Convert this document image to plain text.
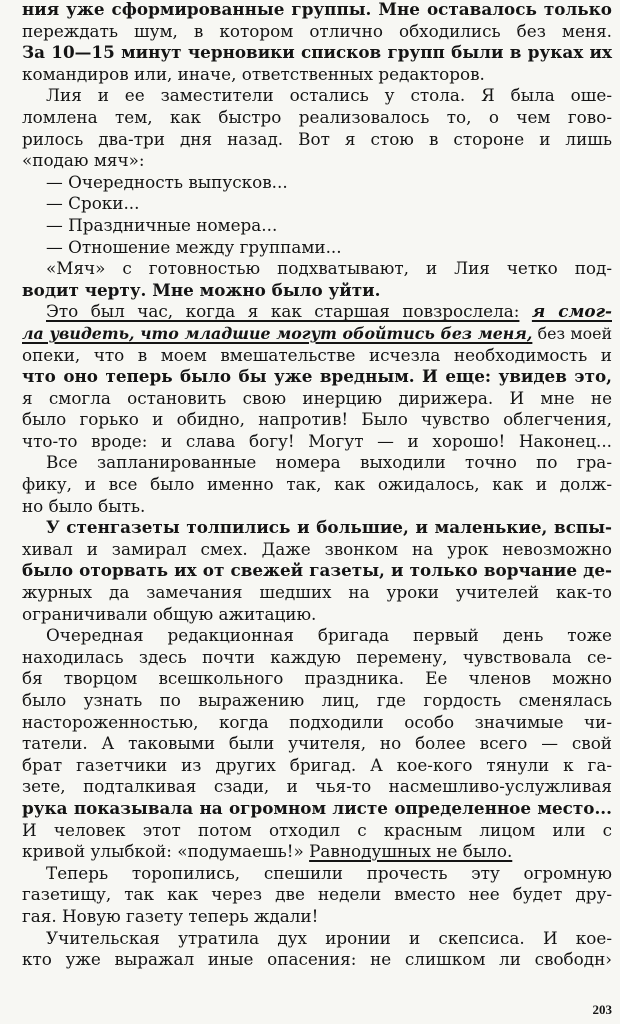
ния уже сформированные группы. Мне оставалось только
переждать шум, в котором отлично обходились без меня.
За 10—15 минут черновики списков групп были в руках их
командиров или, иначе, ответственных редакторов.
Лия и ее заместители остались у стола. Я была ошe-
ломлена тем, как быстро реализовалось то, о чем гово-
рилось два-три дня назад. Вот я стою в стороне и лишь
«подаю мяч»:
— Очередность выпусков...
— Сроки...
— Праздничные номера...
— Отношение между группами...
«Мяч» с готовностью подхватывают, и Лия четко под-
водит черту. Мне можно было уйти.
Это был час, когда я как старшая повзрослела: я смог-
ла увидеть, что младшие могут обойтись без меня, без моей
опеки, что в моем вмешательстве исчезла необходимость и
что оно теперь было бы уже вредным. И еще: увидев это,
я смогла остановить свою инерцию дирижера. И мне не
было горько и обидно, напротив! Было чувство облегчения,
что-то вроде: и слава богу! Могут — и хорошо! Наконец...
Все запланированные номера выходили точно по гра-
фику, и все было именно так, как ожидалось, как и долж-
но было быть.
У стенгазеты толпились и большие, и маленькие, вспы-
хивал и замирал смех. Даже звонком на урок невозможно
было оторвать их от свежей газеты, и только ворчание де-
журных да замечания шедших на уроки учителей как-то
ограничивали общую ажитацию.
Очередная редакционная бригада первый день тоже
находилась здесь почти каждую перемену, чувствовала се-
бя творцом всешкольного праздника. Ее членов можно
было узнать по выражению лиц, где гордость сменялась
настороженностью, когда подходили особо значимые чи-
татели. А таковыми были учителя, но более всего — свой
брат газетчики из других бригад. А кое-кого тянули к га-
зете, подталкивая сзади, и чья-то насмешливо-услужливая
рука показывала на огромном листе определенное место...
И человек этот потом отходил с красным лицом или с
кривой улыбкой: «подумаешь!» Равнодушных не было.
Теперь торопились, спешили прочесть эту огромную
газетищу, так как через две недели вместо нее будет дру-
гая. Новую газету теперь ждали!
Учительская утратила дух иронии и скепсиса. И кое-
кто уже выражал иные опасения: не слишком ли свободн›
203
